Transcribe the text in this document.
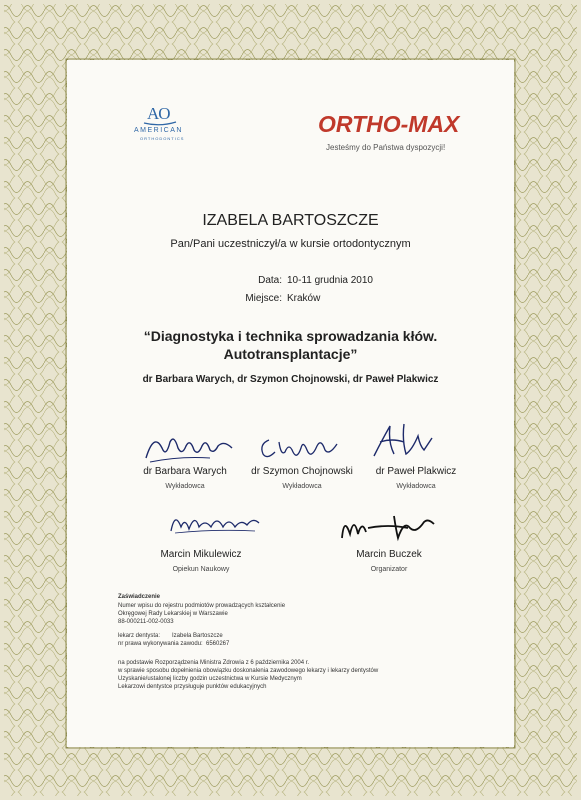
AO
AMERICAN
ORTHODONTICS
ORTHO-MAX
Jesteśmy do Państwa dyspozycji!
IZABELA BARTOSZCZE
Pan/Pani uczestniczył/a w kursie ortodontycznym
Data: 10-11 grudnia 2010
Miejsce: Kraków
“Diagnostyka i technika sprowadzania kłów.
Autotransplantacje”
dr Barbara Warych, dr Szymon Chojnowski, dr Paweł Plakwicz
dr Barbara Warych
Wykładowca
dr Szymon Chojnowski
Wykładowca
dr Paweł Plakwicz
Wykładowca
Marcin Mikulewicz
Opiekun Naukowy
Marcin Buczek
Organizator
Zaświadczenie
Numer wpisu do rejestru podmiotów prowadzących kształcenie
Okręgowej Rady Lekarskiej w Warszawie
88-000211-002-0033
lekarz dentysta: Izabela Bartoszcze
nr prawa wykonywania zawodu: 6560267
na podstawie Rozporządzenia Ministra Zdrowia z 6 października 2004 r.
w sprawie sposobu dopełnienia obowiązku doskonalenia zawodowego lekarzy i lekarzy dentystów
Uzyskanie/ustalonej liczby godzin uczestnictwa w Kursie Medycznym
Lekarzowi dentystce przysługuje punktów edukacyjnych
